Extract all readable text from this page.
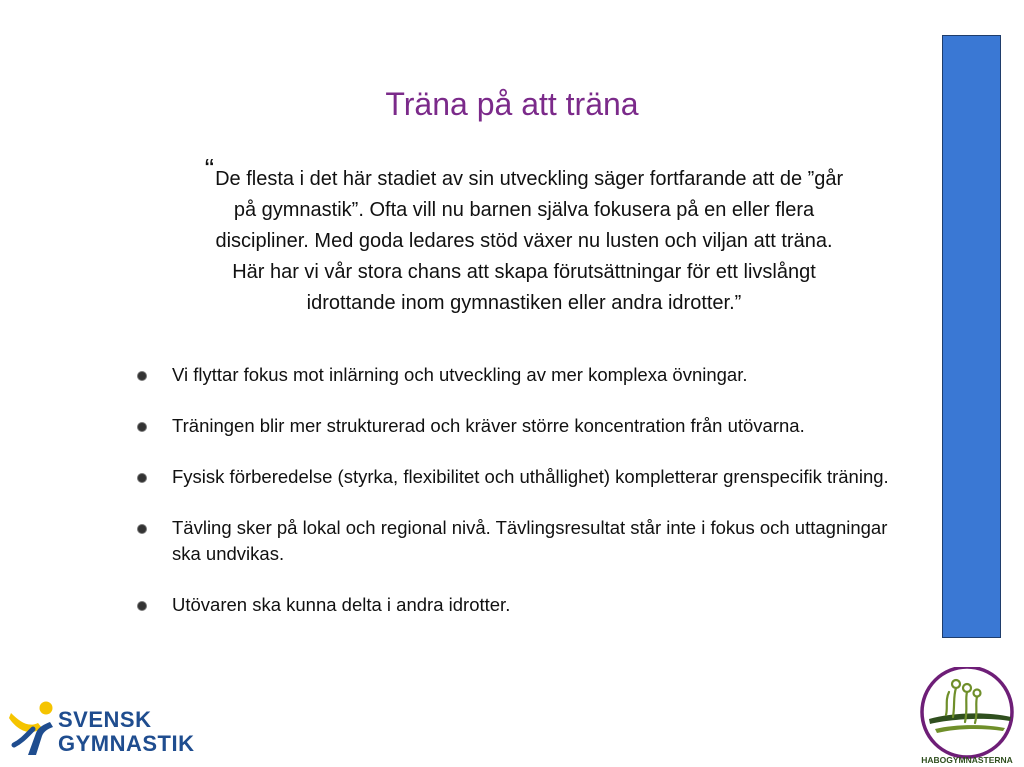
Träna på att träna

“De flesta i det här stadiet av sin utveckling säger fortfarande att de ”går
på gymnastik”. Ofta vill nu barnen själva fokusera på en eller flera
discipliner. Med goda ledares stöd växer nu lusten och viljan att träna.
Här har vi vår stora chans att skapa förutsättningar för ett livslångt
idrottande inom gymnastiken eller andra idrotter.”

Vi flyttar fokus mot inlärning och utveckling av mer komplexa övningar.
Träningen blir mer strukturerad och kräver större koncentration från utövarna.
Fysisk förberedelse (styrka, flexibilitet och uthållighet) kompletterar grenspecifik träning.
Tävling sker på lokal och regional nivå. Tävlingsresultat står inte i fokus och uttagningar ska undvikas.
Utövaren ska kunna delta i andra idrotter.
SVENSK
GYMNASTIK
HABOGYMNASTERNA
